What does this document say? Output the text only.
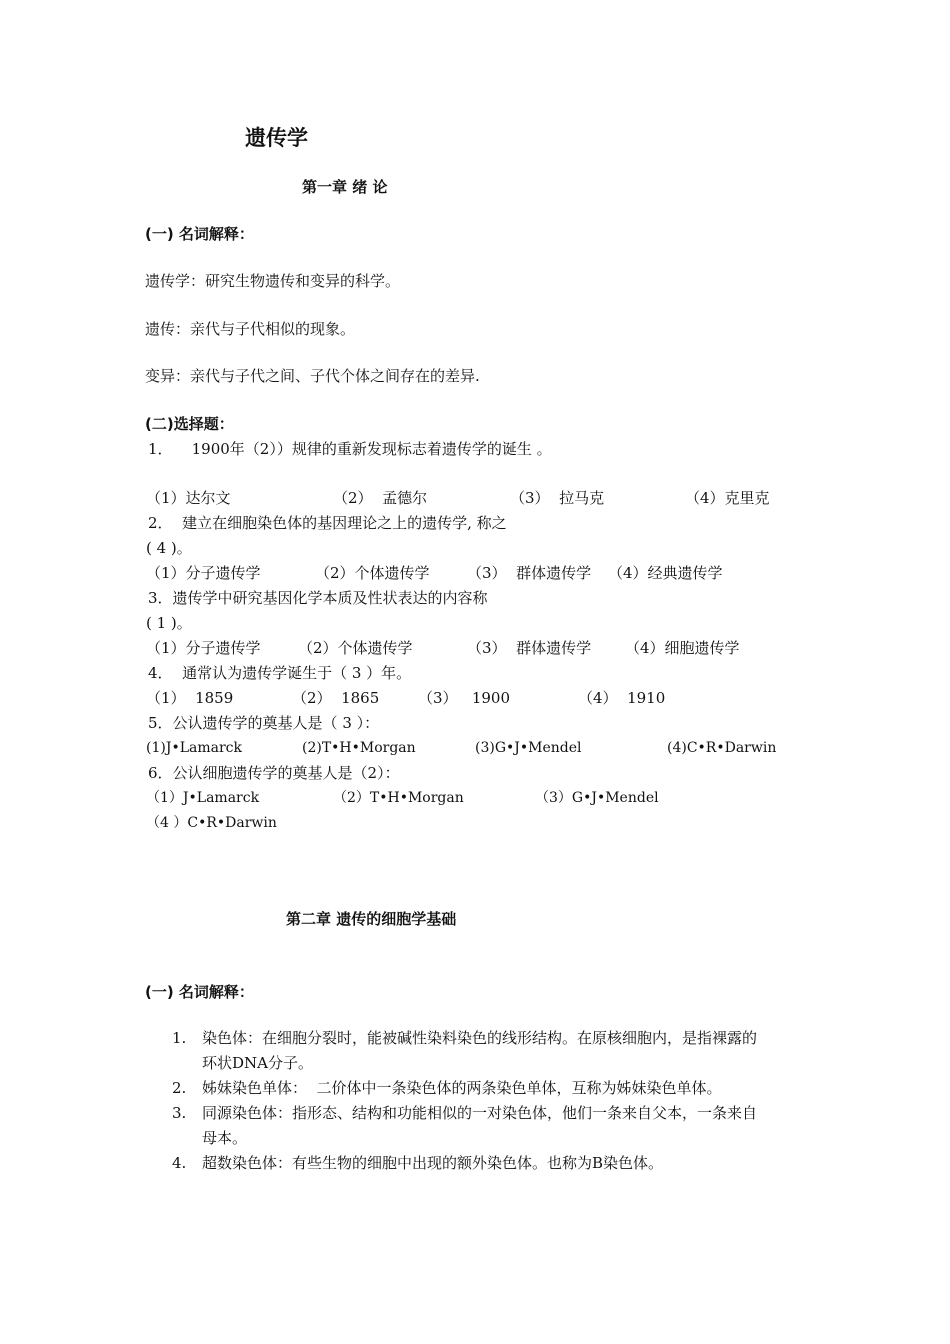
遗传学
第一章 绪 论
(一) 名词解释：
遗传学：研究生物遗传和变异的科学。
遗传：亲代与子代相似的现象。
变异：亲代与子代之间、子代个体之间存在的差异.
(二)选择题：
1．    1900年（2））规律的重新发现标志着遗传学的诞生 。
（1）达尔文	（2）  孟德尔	（3）  拉马克	（4）克里克
2．  建立在细胞染色体的基因理论之上的遗传学, 称之
( 4 )。
（1）分子遗传学	（2）个体遗传学 （3）  群体遗传学 （4）经典遗传学
3．遗传学中研究基因化学本质及性状表达的内容称
( 1 )。
（1）分子遗传学 （2）个体遗传学	（3）  群体遗传学 （4）细胞遗传学
4．  通常认为遗传学诞生于（ 3 ）年。
（1）  1859	（2）  1865	（3）   1900	（4）  1910
5．公认遗传学的奠基人是（ 3 ）：
(1)J•Lamarck	(2)T•H•Morgan	(3)G•J•Mendel	(4)C•R•Darwin
6．公认细胞遗传学的奠基人是（2）：
（1）J•Lamarck	（2）T•H•Morgan	（3）G•J•Mendel
（4 ）C•R•Darwin
第二章 遗传的细胞学基础
(一) 名词解释：
1. 染色体：在细胞分裂时，能被碱性染料染色的线形结构。在原核细胞内，是指裸露的
环状DNA分子。
2. 姊妹染色单体：  二价体中一条染色体的两条染色单体，互称为姊妹染色单体。
3. 同源染色体：指形态、结构和功能相似的一对染色体，他们一条来自父本，一条来自
母本。
4. 超数染色体：有些生物的细胞中出现的额外染色体。也称为B染色体。
